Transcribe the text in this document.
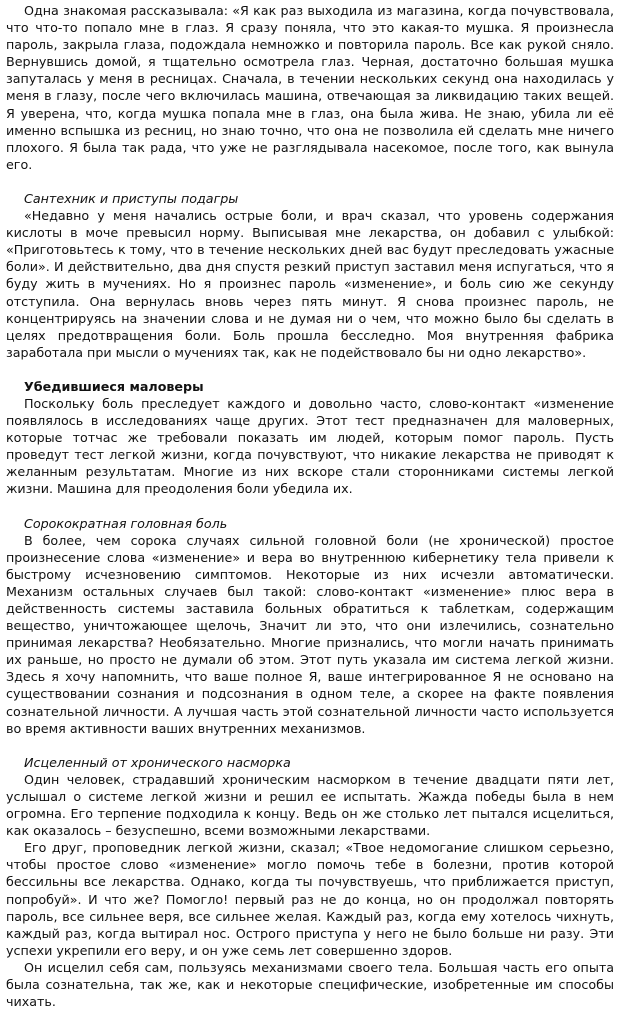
Одна знакомая рассказывала: «Я как раз выходила из магазина, когда почувствовала, что что-то попало мне в глаз. Я сразу поняла, что это какая-то мушка. Я произнесла пароль, закрыла глаза, подождала немножко и повторила пароль. Все как рукой сняло. Вернувшись домой, я тщательно осмотрела глаз. Черная, достаточно большая мушка запуталась у меня в ресницах. Сначала, в течении нескольких секунд она находилась у меня в глазу, после чего включилась машина, отвечающая за ликвидацию таких вещей. Я уверена, что, когда мушка попала мне в глаз, она была жива. Не знаю, убила ли её именно вспышка из ресниц, но знаю точно, что она не позволила ей сделать мне ничего плохого. Я была так рада, что уже не разглядывала насекомое, после того, как вынула его.

Сантехник и приступы подагры

«Недавно у меня начались острые боли, и врач сказал, что уровень содержания кислоты в моче превысил норму. Выписывая мне лекарства, он добавил с улыбкой: «Приготовьтесь к тому, что в течение нескольких дней вас будут преследовать ужасные боли». И действительно, два дня спустя резкий приступ заставил меня испугаться, что я буду жить в мучениях. Но я произнес пароль «изменение», и боль сию же секунду отступила. Она вернулась вновь через пять минут. Я снова произнес пароль, не концентрируясь на значении слова и не думая ни о чем, что можно было бы сделать в целях предотвращения боли. Боль прошла бесследно. Моя внутренняя фабрика заработала при мысли о мучениях так, как не подействовало бы ни одно лекарство».

Убедившиеся маловеры

Поскольку боль преследует каждого и довольно часто, слово-контакт «изменение появлялось в исследованиях чаще других. Этот тест предназначен для маловерных, которые тотчас же требовали показать им людей, которым помог пароль. Пусть проведут тест легкой жизни, когда почувствуют, что никакие лекарства не приводят к желанным результатам. Многие из них вскоре стали сторонниками системы легкой жизни. Машина для преодоления боли убедила их.

Сорокократная головная боль

В более, чем сорока случаях сильной головной боли (не хронической) простое произнесение слова «изменение» и вера во внутреннюю кибернетику тела привели к быстрому исчезновению симптомов. Некоторые из них исчезли автоматически. Механизм остальных случаев был такой: слово-контакт «изменение» плюс вера в действенность системы заставила больных обратиться к таблеткам, содержащим вещество, уничтожающее щелочь, Значит ли это, что они излечились, сознательно принимая лекарства? Необязательно. Многие признались, что могли начать принимать их раньше, но просто не думали об этом. Этот путь указала им система легкой жизни. Здесь я хочу напомнить, что ваше полное Я, ваше интегрированное Я не основано на существовании сознания и подсознания в одном теле, а скорее на факте появления сознательной личности. А лучшая часть этой сознательной личности часто используется во время активности ваших внутренних механизмов.

Исцеленный от хронического насморка

Один человек, страдавший хроническим насморком в течение двадцати пяти лет, услышал о системе легкой жизни и решил ее испытать. Жажда победы была в нем огромна. Его терпение подходила к концу. Ведь он же столько лет пытался исцелиться, как оказалось – безуспешно, всеми возможными лекарствами.

Его друг, проповедник легкой жизни, сказал; «Твое недомогание слишком серьезно, чтобы простое слово «изменение» могло помочь тебе в болезни, против которой бессильны все лекарства. Однако, когда ты почувствуешь, что приближается приступ, попробуй». И что же? Помогло! первый раз не до конца, но он продолжал повторять пароль, все сильнее веря, все сильнее желая. Каждый раз, когда ему хотелось чихнуть, каждый раз, когда вытирал нос. Острого приступа у него не было больше ни разу. Эти успехи укрепили его веру, и он уже семь лет совершенно здоров.

Он исцелил себя сам, пользуясь механизмами своего тела. Большая часть его опыта была сознательна, так же, как и некоторые специфические, изобретенные им способы чихать.
